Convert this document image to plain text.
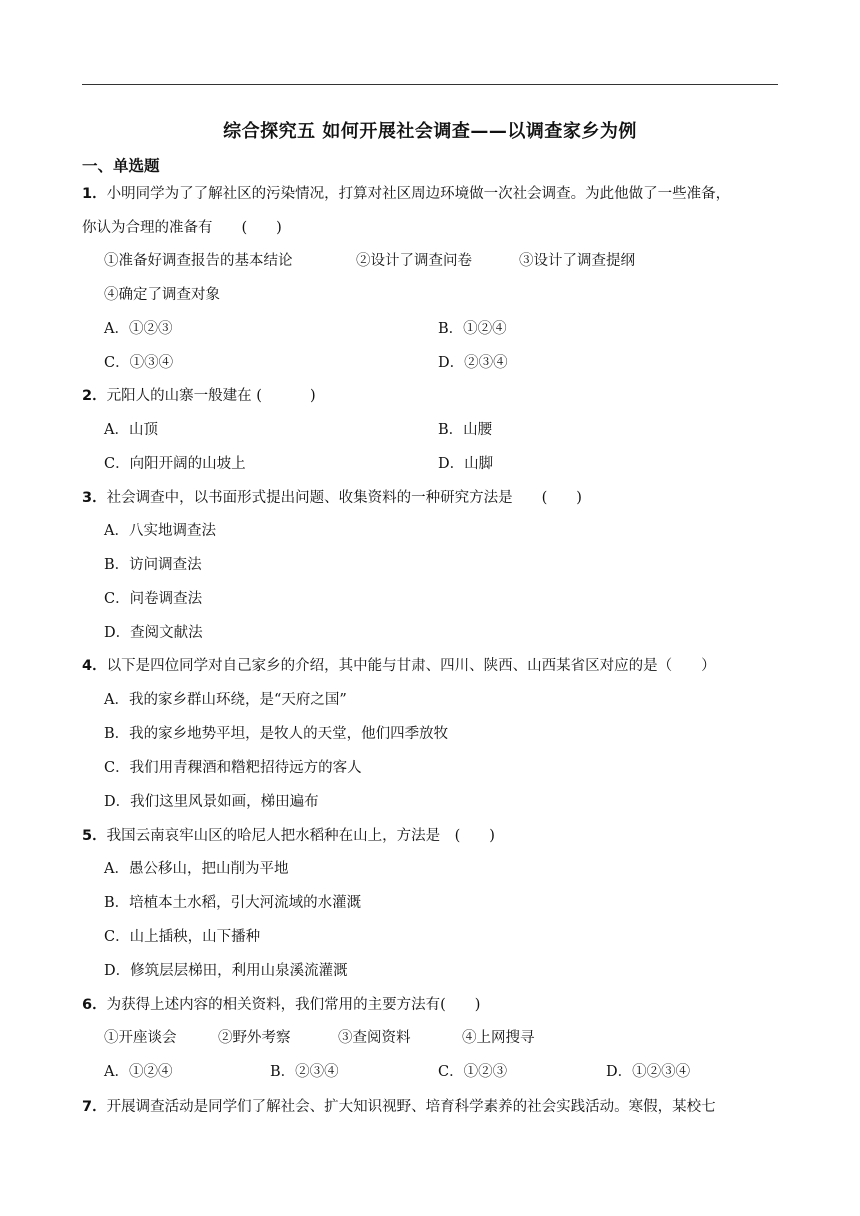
综合探究五 如何开展社会调查——以调查家乡为例
一、单选题
1．小明同学为了了解社区的污染情况，打算对社区周边环境做一次社会调查。为此他做了一些准备，
你认为合理的准备有　　(　　)
①准备好调查报告的基本结论	②设计了调查问卷	③设计了调查提纲
④确定了调查对象
A．①②③	B．①②④
C．①③④	D．②③④
2．元阳人的山寨一般建在 (　　　 )
A．山顶	B．山腰
C．向阳开阔的山坡上	D．山脚
3．社会调查中，以书面形式提出问题、收集资料的一种研究方法是　　(　　)
A．八实地调查法
B．访问调查法
C．问卷调查法
D．查阅文献法
4．以下是四位同学对自己家乡的介绍，其中能与甘肃、四川、陕西、山西某省区对应的是（　　）
A．我的家乡群山环绕，是“天府之国”
B．我的家乡地势平坦，是牧人的天堂，他们四季放牧
C．我们用青稞酒和糌粑招待远方的客人
D．我们这里风景如画，梯田遍布
5．我国云南哀牢山区的哈尼人把水稻种在山上，方法是　(　　)
A．愚公移山，把山削为平地
B．培植本土水稻，引大河流域的水灌溉
C．山上插秧，山下播种
D．修筑层层梯田，利用山泉溪流灌溉
6．为获得上述内容的相关资料，我们常用的主要方法有(　　)
①开座谈会	②野外考察	③查阅资料	④上网搜寻
A．①②④	B．②③④	C．①②③	D．①②③④
7．开展调查活动是同学们了解社会、扩大知识视野、培育科学素养的社会实践活动。寒假，某校七
